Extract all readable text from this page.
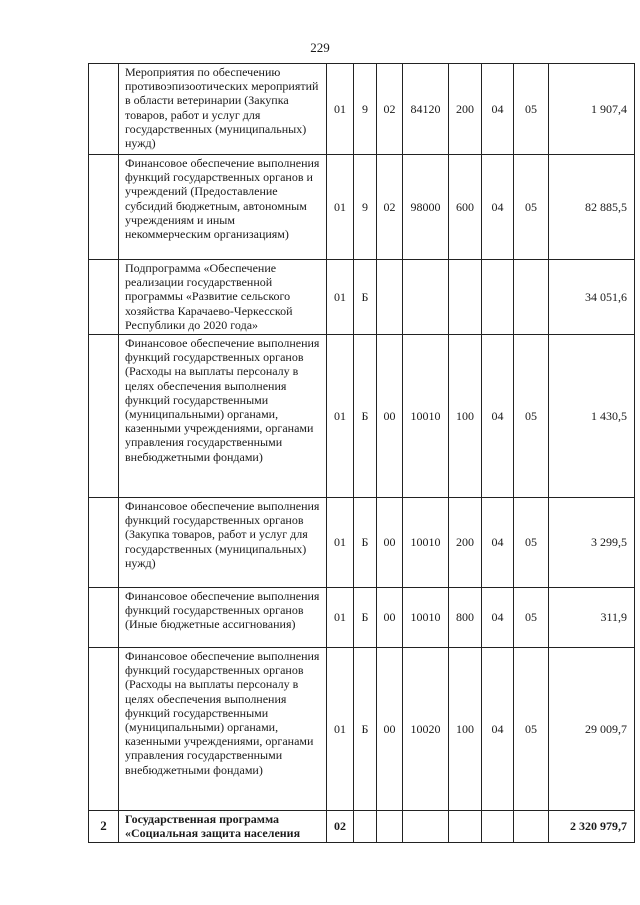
229
	Мероприятия по обеспечению противоэпизоотических мероприятий в области ветеринарии (Закупка товаров, работ и услуг для государственных (муниципальных) нужд)	01	9	02	84120	200	04	05	1 907,4
	Финансовое обеспечение выполнения функций государственных органов и учреждений (Предоставление субсидий бюджетным, автономным учреждениям и иным некоммерческим организациям)	01	9	02	98000	600	04	05	82 885,5
	Подпрограмма «Обеспечение реализации государственной программы «Развитие сельского хозяйства Карачаево-Черкесской Республики до 2020 года»	01	Б						34 051,6
	Финансовое обеспечение выполнения функций государственных органов (Расходы на выплаты персоналу в целях обеспечения выполнения функций государственными (муниципальными) органами, казенными учреждениями, органами управления государственными внебюджетными фондами)	01	Б	00	10010	100	04	05	1 430,5
	Финансовое обеспечение выполнения функций государственных органов (Закупка товаров, работ и услуг для государственных (муниципальных) нужд)	01	Б	00	10010	200	04	05	3 299,5
	Финансовое обеспечение выполнения функций государственных органов (Иные бюджетные ассигнования)	01	Б	00	10010	800	04	05	311,9
	Финансовое обеспечение выполнения функций государственных органов (Расходы на выплаты персоналу в целях обеспечения выполнения функций государственными (муниципальными) органами, казенными учреждениями, органами управления государственными внебюджетными фондами)	01	Б	00	10020	100	04	05	29 009,7
2	Государственная программа «Социальная защита населения	02							2 320 979,7
